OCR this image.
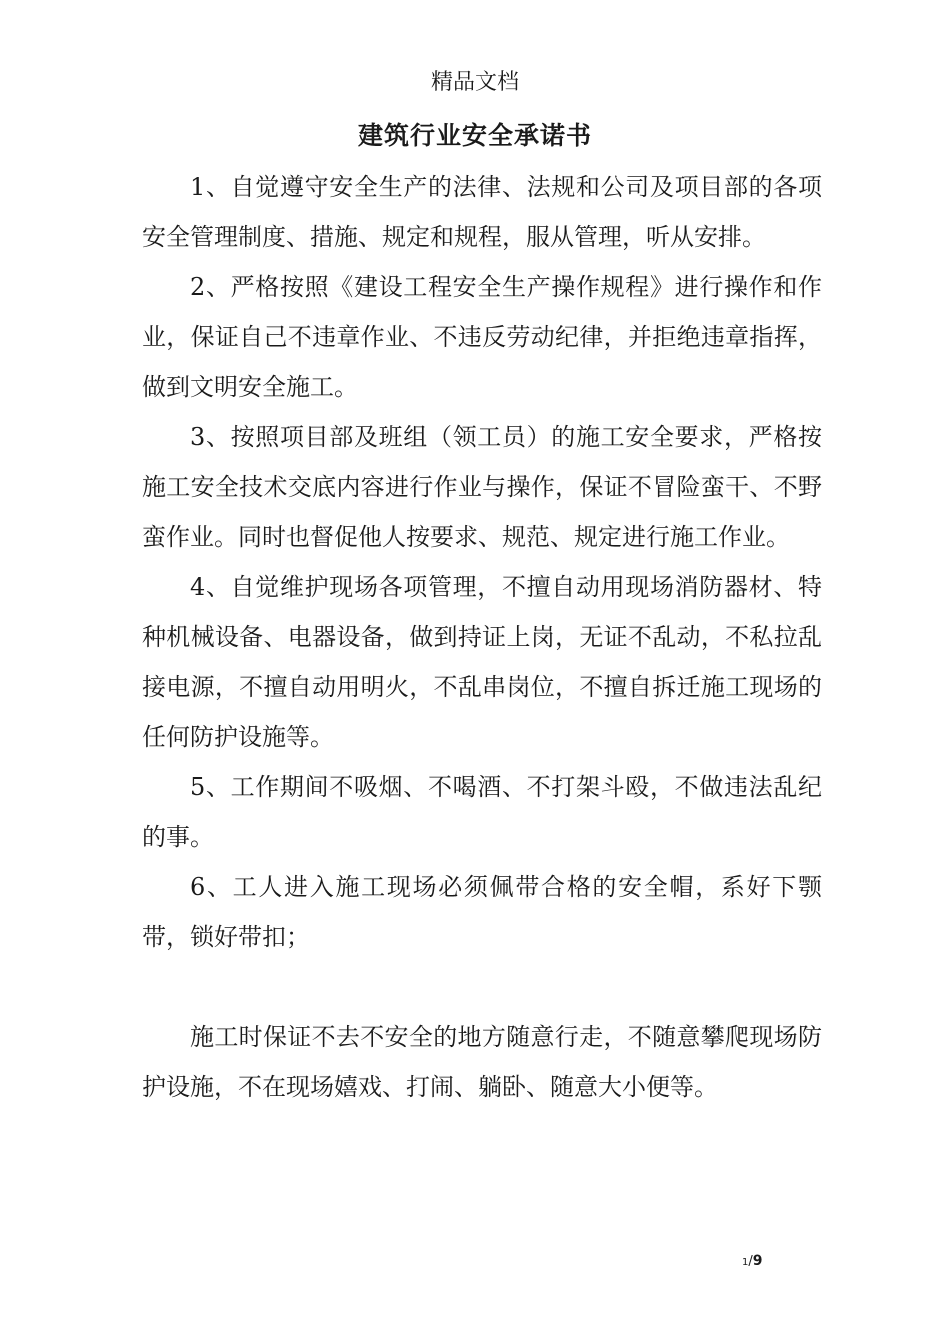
精品文档
建筑行业安全承诺书

1、自觉遵守安全生产的法律、法规和公司及项目部的各项安全管理制度、措施、规定和规程，服从管理，听从安排。

2、严格按照《建设工程安全生产操作规程》进行操作和作业，保证自己不违章作业、不违反劳动纪律，并拒绝违章指挥，做到文明安全施工。

3、按照项目部及班组（领工员）的施工安全要求，严格按施工安全技术交底内容进行作业与操作，保证不冒险蛮干、不野蛮作业。同时也督促他人按要求、规范、规定进行施工作业。

4、自觉维护现场各项管理，不擅自动用现场消防器材、特种机械设备、电器设备，做到持证上岗，无证不乱动，不私拉乱接电源，不擅自动用明火，不乱串岗位，不擅自拆迁施工现场的任何防护设施等。

5、工作期间不吸烟、不喝酒、不打架斗殴，不做违法乱纪的事。

6、工人进入施工现场必须佩带合格的安全帽，系好下颚带，锁好带扣；

施工时保证不去不安全的地方随意行走，不随意攀爬现场防护设施，不在现场嬉戏、打闹、躺卧、随意大小便等。

1/9
